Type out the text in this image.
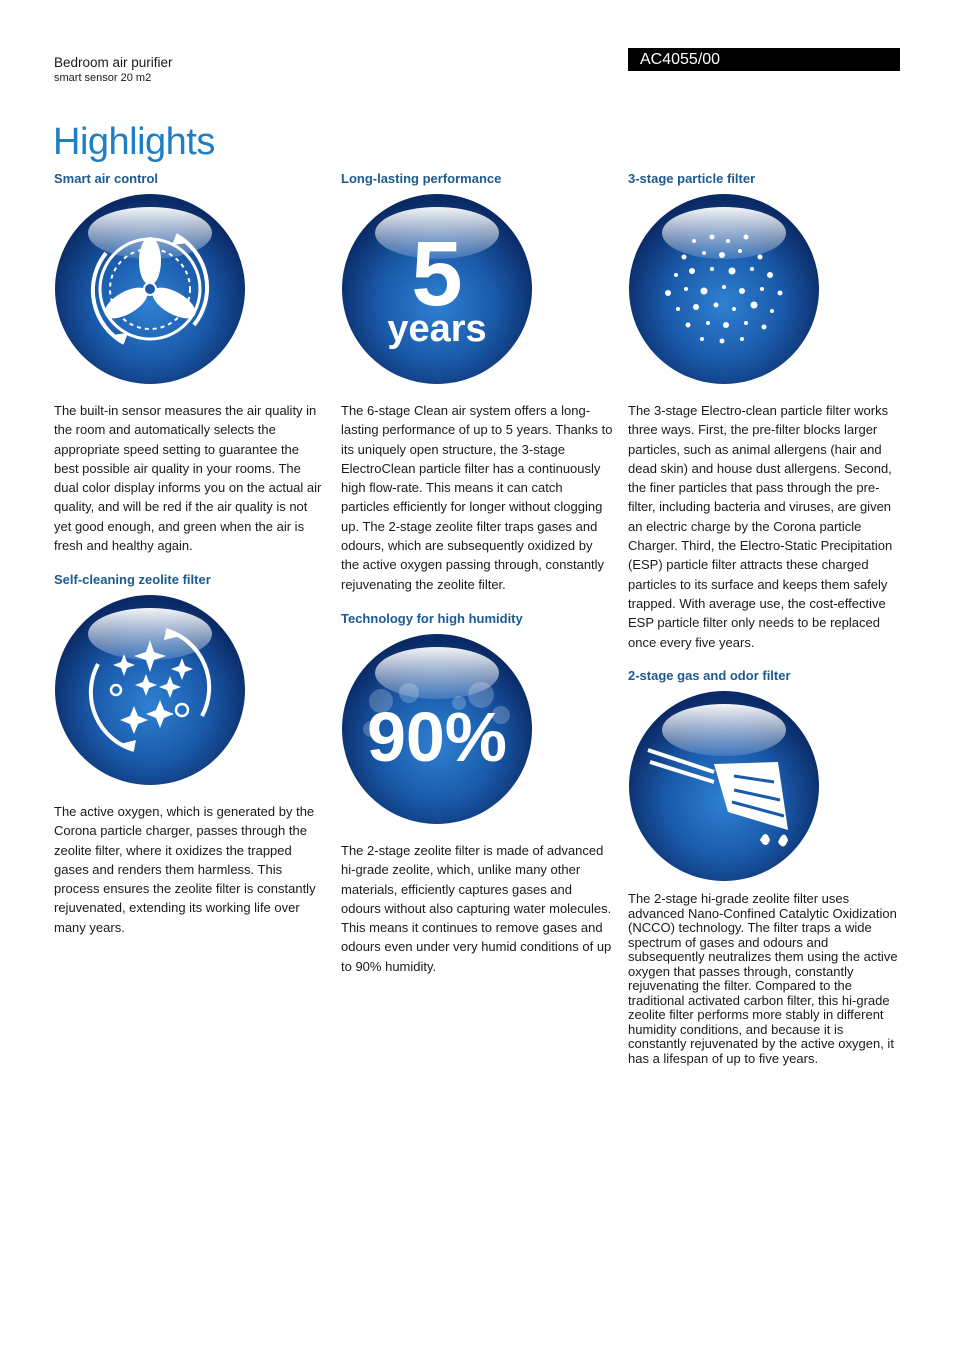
Bedroom air purifier
smart sensor 20 m2
AC4055/00
Highlights
Smart air control

The built-in sensor measures the air quality in the room and automatically selects the appropriate speed setting to guarantee the best possible air quality in your rooms. The dual color display informs you on the actual air quality, and will be red if the air quality is not yet good enough, and green when the air is fresh and healthy again.

Self-cleaning zeolite filter

The active oxygen, which is generated by the Corona particle charger, passes through the zeolite filter, where it oxidizes the trapped gases and renders them harmless. This process ensures the zeolite filter is constantly rejuvenated, extending its working life over many years.

Long-lasting performance
5
years

The 6-stage Clean air system offers a long-lasting performance of up to 5 years. Thanks to its uniquely open structure, the 3-stage ElectroClean particle filter has a continuously high flow-rate. This means it can catch particles efficiently for longer without clogging up. The 2-stage zeolite filter traps gases and odours, which are subsequently oxidized by the active oxygen passing through, constantly rejuvenating the zeolite filter.

Technology for high humidity
90%

The 2-stage zeolite filter is made of advanced hi-grade zeolite, which, unlike many other materials, efficiently captures gases and odours without also capturing water molecules. This means it continues to remove gases and odours even under very humid conditions of up to 90% humidity.

3-stage particle filter

The 3-stage Electro-clean particle filter works three ways. First, the pre-filter blocks larger particles, such as animal allergens (hair and dead skin) and house dust allergens. Second, the finer particles that pass through the pre-filter, including bacteria and viruses, are given an electric charge by the Corona particle Charger. Third, the Electro-Static Precipitation (ESP) particle filter attracts these charged particles to its surface and keeps them safely trapped. With average use, the cost-effective ESP particle filter only needs to be replaced once every five years.

2-stage gas and odor filter

The 2-stage hi-grade zeolite filter uses advanced Nano-Confined Catalytic Oxidization (NCCO) technology. The filter traps a wide spectrum of gases and odours and subsequently neutralizes them using the active oxygen that passes through, constantly rejuvenating the filter. Compared to the traditional activated carbon filter, this hi-grade zeolite filter performs more stably in different humidity conditions, and because it is constantly rejuvenated by the active oxygen, it has a lifespan of up to five years.
